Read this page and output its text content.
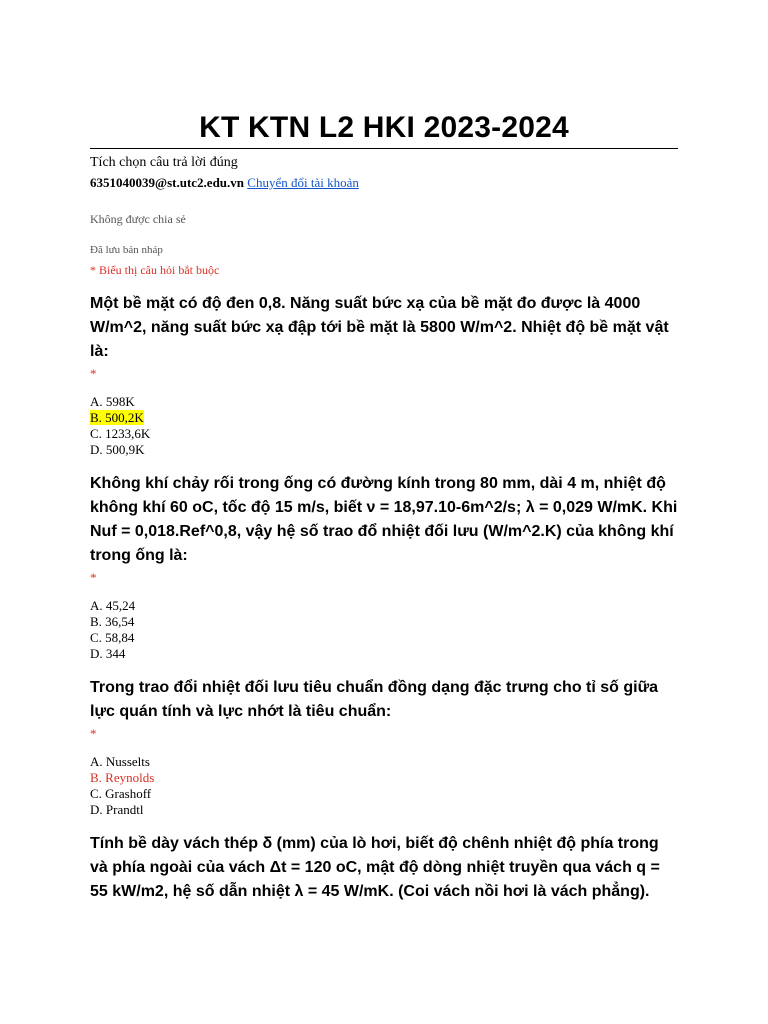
KT KTN L2 HKI 2023-2024
Tích chọn câu trả lời đúng
6351040039@st.utc2.edu.vn Chuyển đổi tài khoản
Không được chia sẻ
Đã lưu bản nháp
* Biểu thị câu hỏi bắt buộc

Một bề mặt có độ đen 0,8. Năng suất bức xạ của bề mặt đo được là 4000 W/m^2, năng suất bức xạ đập tới bề mặt là 5800 W/m^2. Nhiệt độ bề mặt vật là:

*
A. 598K
B. 500,2K
C. 1233,6K
D. 500,9K

Không khí chảy rối trong ống có đường kính trong 80 mm, dài 4 m, nhiệt độ không khí 60 oC, tốc độ 15 m/s, biết ν = 18,97.10-6m^2/s; λ = 0,029 W/mK. Khi Nuf = 0,018.Ref^0,8, vậy hệ số trao đổ nhiệt đối lưu (W/m^2.K) của không khí trong ống là:

*
A. 45,24
B. 36,54
C. 58,84
D. 344

Trong trao đổi nhiệt đối lưu tiêu chuẩn đồng dạng đặc trưng cho tỉ số giữa lực quán tính và lực nhớt là tiêu chuẩn:

*
A. Nusselts
B. Reynolds
C. Grashoff
D. Prandtl

Tính bề dày vách thép δ (mm) của lò hơi, biết độ chênh nhiệt độ phía trong và phía ngoài của vách Δt = 120 oC, mật độ dòng nhiệt truyền qua vách q = 55 kW/m2, hệ số dẫn nhiệt λ = 45 W/mK. (Coi vách nồi hơi là vách phẳng).
